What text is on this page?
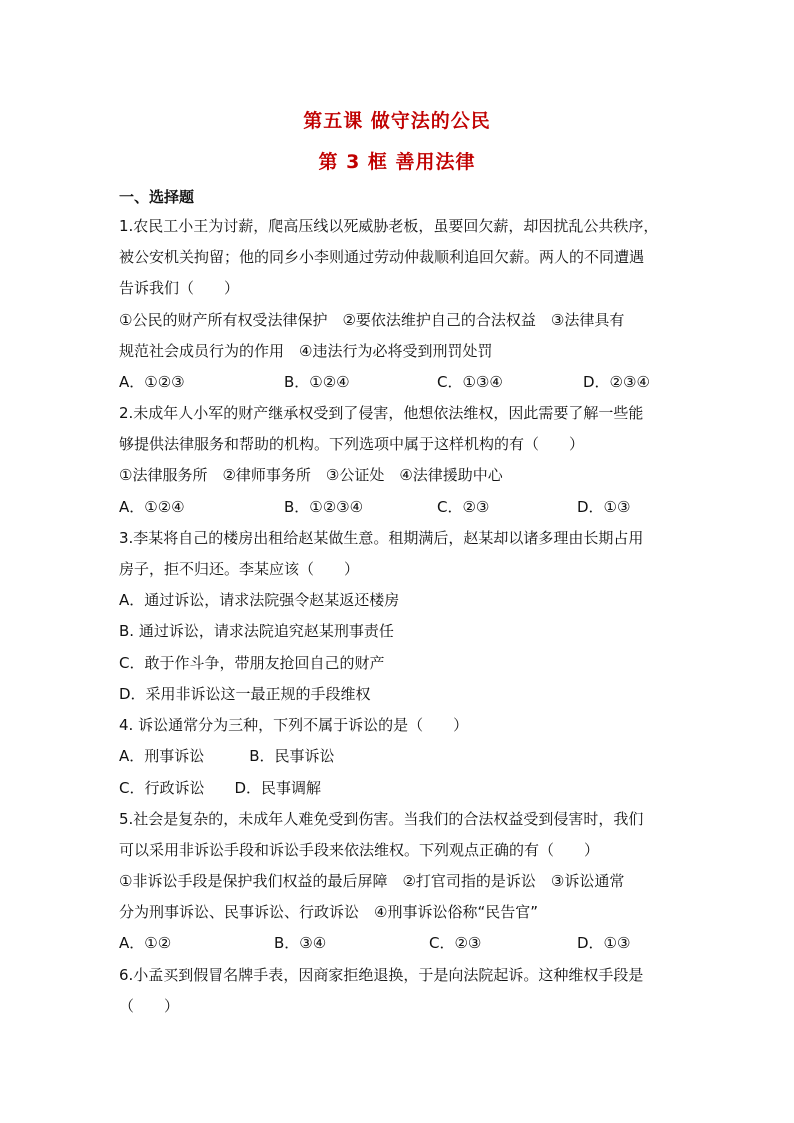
第五课 做守法的公民
第 3 框 善用法律
一、选择题
1.农民工小王为讨薪，爬高压线以死威胁老板，虽要回欠薪，却因扰乱公共秩序，
被公安机关拘留；他的同乡小李则通过劳动仲裁顺利追回欠薪。两人的不同遭遇
告诉我们（　　）
①公民的财产所有权受法律保护　②要依法维护自己的合法权益　③法律具有
规范社会成员行为的作用　④违法行为必将受到刑罚处罚
A．①②③	B．①②④	C．①③④	D．②③④
2.未成年人小军的财产继承权受到了侵害，他想依法维权，因此需要了解一些能
够提供法律服务和帮助的机构。下列选项中属于这样机构的有（　　）
①法律服务所　②律师事务所　③公证处　④法律援助中心
A．①②④	B．①②③④	C．②③	D．①③
3.李某将自己的楼房出租给赵某做生意。租期满后，赵某却以诸多理由长期占用
房子，拒不归还。李某应该（　　）
A．通过诉讼，请求法院强令赵某返还楼房
B. 通过诉讼，请求法院追究赵某刑事责任
C．敢于作斗争，带朋友抢回自己的财产
D．采用非诉讼这一最正规的手段维权
4. 诉讼通常分为三种，下列不属于诉讼的是（　　）
A．刑事诉讼　　　B．民事诉讼
C．行政诉讼　　D．民事调解
5.社会是复杂的，未成年人难免受到伤害。当我们的合法权益受到侵害时，我们
可以采用非诉讼手段和诉讼手段来依法维权。下列观点正确的有（　　）
①非诉讼手段是保护我们权益的最后屏障　②打官司指的是诉讼　③诉讼通常
分为刑事诉讼、民事诉讼、行政诉讼　④刑事诉讼俗称“民告官”
A．①②	B．③④	C．②③	D．①③
6.小孟买到假冒名牌手表，因商家拒绝退换，于是向法院起诉。这种维权手段是
（　　）
